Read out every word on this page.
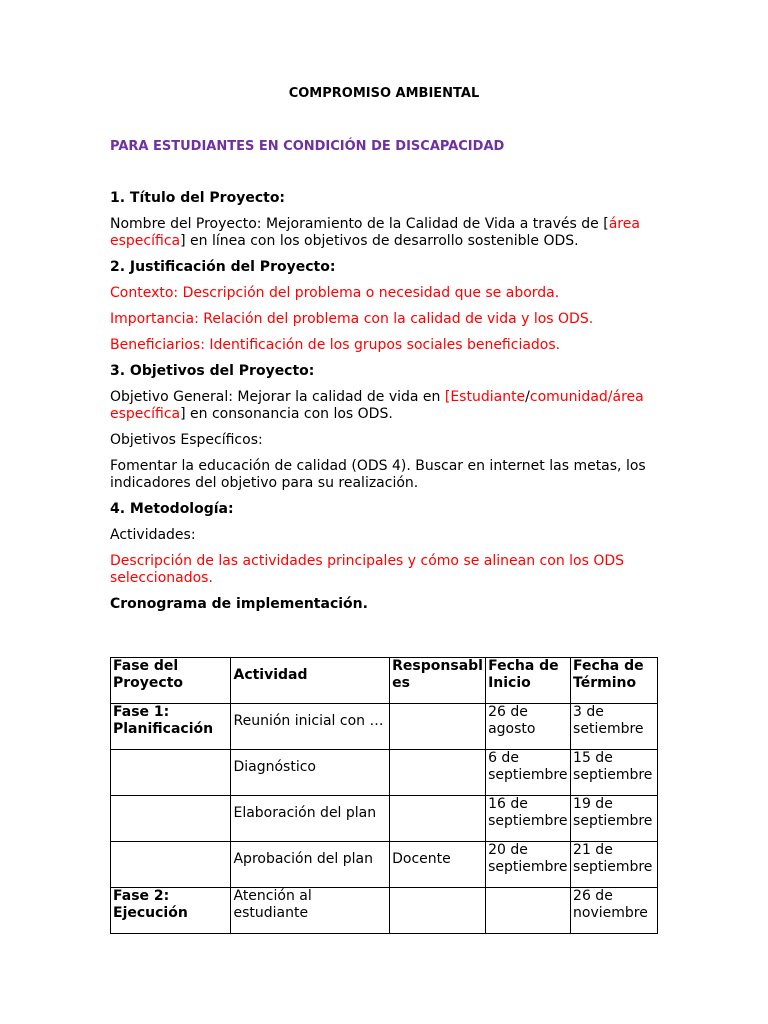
COMPROMISO AMBIENTAL

PARA ESTUDIANTES EN CONDICIÓN DE DISCAPACIDAD

1. Título del Proyecto:

Nombre del Proyecto: Mejoramiento de la Calidad de Vida a través de [área específica] en línea con los objetivos de desarrollo sostenible ODS.

2. Justificación del Proyecto:

Contexto: Descripción del problema o necesidad que se aborda.

Importancia: Relación del problema con la calidad de vida y los ODS.

Beneficiarios: Identificación de los grupos sociales beneficiados.

3. Objetivos del Proyecto:

Objetivo General: Mejorar la calidad de vida en [Estudiante/comunidad/área específica] en consonancia con los ODS.

Objetivos Específicos:

Fomentar la educación de calidad (ODS 4). Buscar en internet las metas, los indicadores del objetivo para su realización.

4. Metodología:

Actividades:

Descripción de las actividades principales y cómo se alinean con los ODS seleccionados.

Cronograma de implementación.
Fase del Proyecto	Actividad	Responsables	Fecha de Inicio	Fecha de Término
Fase 1: Planificación	Reunión inicial con …		26 de agosto	3 de setiembre
	Diagnóstico		6 de septiembre	15 de septiembre
	Elaboración del plan		16 de septiembre	19 de septiembre
	Aprobación del plan	Docente	20 de septiembre	21 de septiembre
Fase 2: Ejecución	Atención al estudiante			26 de noviembre
